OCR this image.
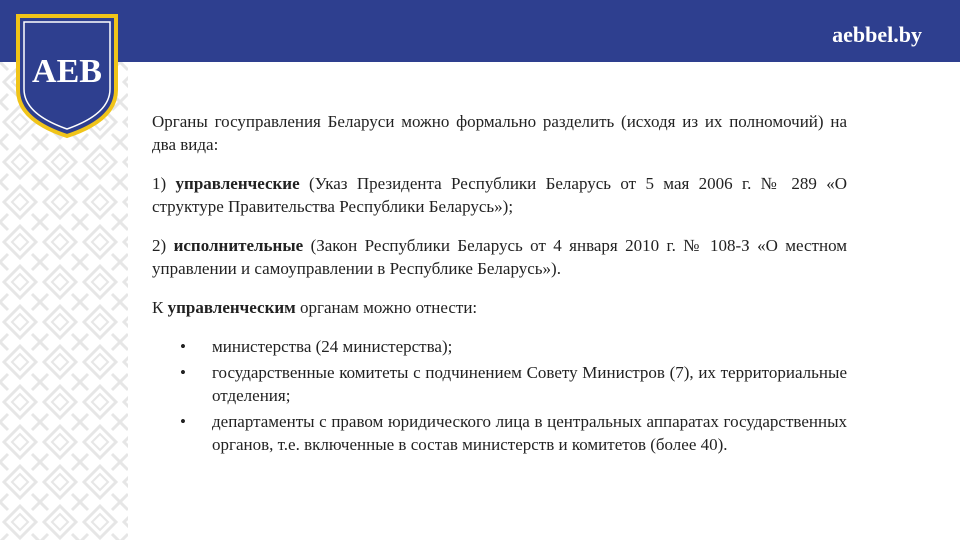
aebbel.by
AEB

Органы госуправления Беларуси можно формально разделить (исходя из их полномочий) на два вида:

1) управленческие (Указ Президента Республики Беларусь от 5 мая 2006 г. № 289 «О структуре Правительства Республики Беларусь»);

2) исполнительные (Закон Республики Беларусь от 4 января 2010 г. № 108-З «О местном управлении и самоуправлении в Республике Беларусь»).

К управленческим органам можно отнести:

• министерства (24 министерства);
• государственные комитеты с подчинением Совету Министров (7), их территориальные отделения;
• департаменты с правом юридического лица в центральных аппаратах государственных органов, т.е. включенные в состав министерств и комитетов (более 40).
